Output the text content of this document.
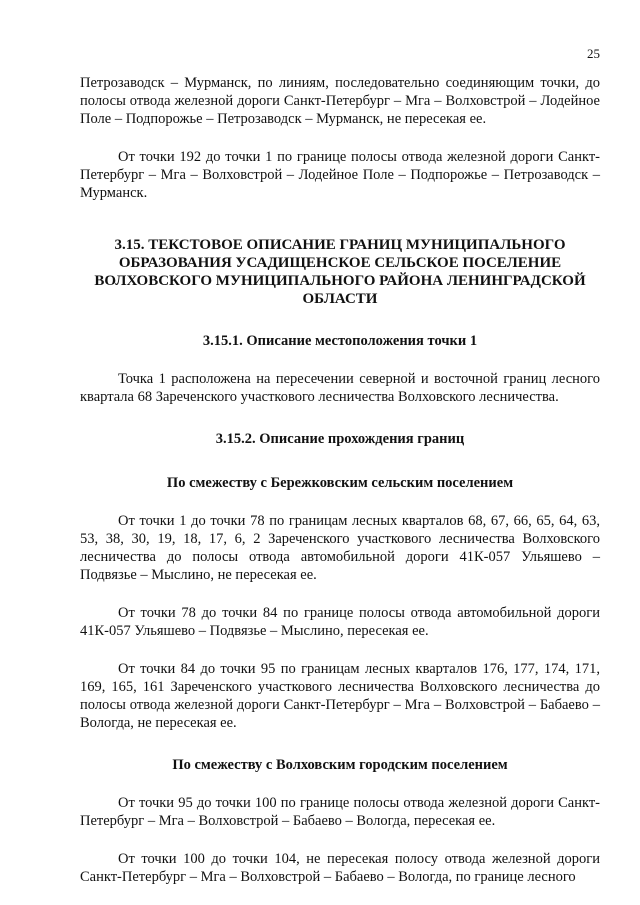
25

Петрозаводск – Мурманск, по линиям, последовательно соединяющим точки, до полосы отвода железной дороги Санкт-Петербург – Мга – Волховстрой – Лодейное Поле – Подпорожье – Петрозаводск – Мурманск, не пересекая ее.

От точки 192 до точки 1 по границе полосы отвода железной дороги Санкт-Петербург – Мга – Волховстрой – Лодейное Поле – Подпорожье – Петрозаводск – Мурманск.

3.15. ТЕКСТОВОЕ ОПИСАНИЕ ГРАНИЦ МУНИЦИПАЛЬНОГО ОБРАЗОВАНИЯ УСАДИЩЕНСКОЕ СЕЛЬСКОЕ ПОСЕЛЕНИЕ ВОЛХОВСКОГО МУНИЦИПАЛЬНОГО РАЙОНА ЛЕНИНГРАДСКОЙ ОБЛАСТИ
3.15.1. Описание местоположения точки 1

Точка 1 расположена на пересечении северной и восточной границ лесного квартала 68 Зареченского участкового лесничества Волховского лесничества.

3.15.2. Описание прохождения границ
По смежеству с Бережковским сельским поселением

От точки 1 до точки 78 по границам лесных кварталов 68, 67, 66, 65, 64, 63, 53, 38, 30, 19, 18, 17, 6, 2 Зареченского участкового лесничества Волховского лесничества до полосы отвода автомобильной дороги 41К-057 Ульяшево – Подвязье – Мыслино, не пересекая ее.

От точки 78 до точки 84 по границе полосы отвода автомобильной дороги 41К-057 Ульяшево – Подвязье – Мыслино, пересекая ее.

От точки 84 до точки 95 по границам лесных кварталов 176, 177, 174, 171, 169, 165, 161 Зареченского участкового лесничества Волховского лесничества до полосы отвода железной дороги Санкт-Петербург – Мга – Волховстрой – Бабаево – Вологда, не пересекая ее.

По смежеству с Волховским городским поселением

От точки 95 до точки 100 по границе полосы отвода железной дороги Санкт-Петербург – Мга – Волховстрой – Бабаево – Вологда, пересекая ее.

От точки 100 до точки 104, не пересекая полосу отвода железной дороги Санкт-Петербург – Мга – Волховстрой – Бабаево – Вологда, по границе лесного
